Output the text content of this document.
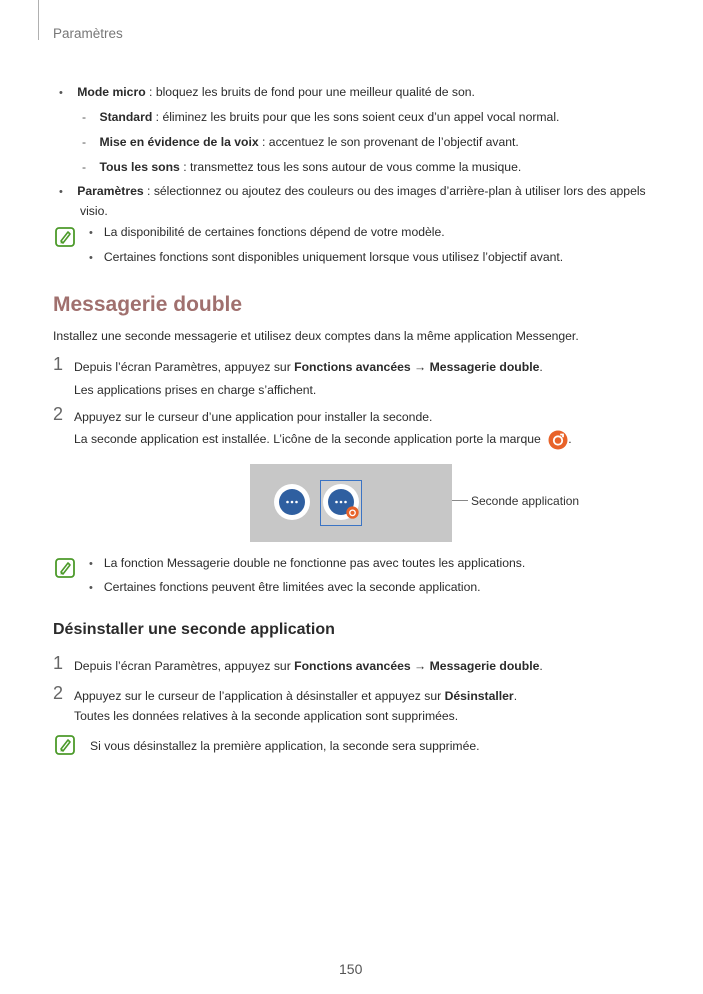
Paramètres
• Mode micro : bloquez les bruits de fond pour une meilleur qualité de son.
- Standard : éliminez les bruits pour que les sons soient ceux d’un appel vocal normal.
- Mise en évidence de la voix : accentuez le son provenant de l’objectif avant.
- Tous les sons : transmettez tous les sons autour de vous comme la musique.
• Paramètres : sélectionnez ou ajoutez des couleurs ou des images d’arrière-plan à utiliser lors des appels
visio.
• La disponibilité de certaines fonctions dépend de votre modèle.
• Certaines fonctions sont disponibles uniquement lorsque vous utilisez l’objectif avant.
Messagerie double
Installez une seconde messagerie et utilisez deux comptes dans la même application Messenger.
1 Depuis l’écran Paramètres, appuyez sur Fonctions avancées → Messagerie double.
Les applications prises en charge s’affichent.
2 Appuyez sur le curseur d’une application pour installer la seconde.
La seconde application est installée. L’icône de la seconde application porte la marque .
Seconde application
• La fonction Messagerie double ne fonctionne pas avec toutes les applications.
• Certaines fonctions peuvent être limitées avec la seconde application.
Désinstaller une seconde application
1 Depuis l’écran Paramètres, appuyez sur Fonctions avancées → Messagerie double.
2 Appuyez sur le curseur de l’application à désinstaller et appuyez sur Désinstaller.
Toutes les données relatives à la seconde application sont supprimées.
Si vous désinstallez la première application, la seconde sera supprimée.
150
